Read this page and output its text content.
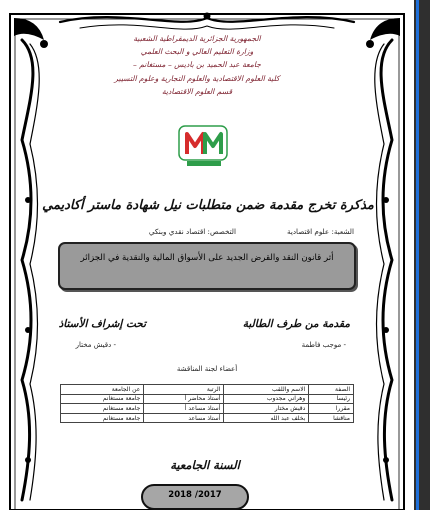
الجمهورية الجزائرية الديمقراطية الشعبية
وزارة التعليم العالي و البحث العلمي
جامعة عبد الحميد بن باديس – مستغانم –
كلية العلوم الاقتصادية والعلوم التجارية وعلوم التسيير
قسم العلوم الاقتصادية
مذكرة تخرج مقدمة ضمن متطلبات نيل شهادة ماستر أكاديمي
الشعبة: علوم اقتصادية
التخصص: اقتصاد نقدي وبنكي
أثر قانون النقد والقرض الجديد على الأسواق المالية والنقدية في الجزائر
مقدمة من طرف الطالبة
تحت إشراف الأستاذ
- موجب فاطمة
- دقيش مختار
أعضاء لجنة المناقشة
الصفة	الاسم واللقب	الرتبة	عن الجامعة
رئيسا	وهراني مجدوب	أستاذ محاضر أ	جامعة مستغانم
مقررا	دقيش مختار	أستاذ مساعد أ	جامعة مستغانم
مناقشا	بخلف عبد الله	أستاذ مساعد	جامعة مستغانم
السنة الجامعية
2018 /2017
